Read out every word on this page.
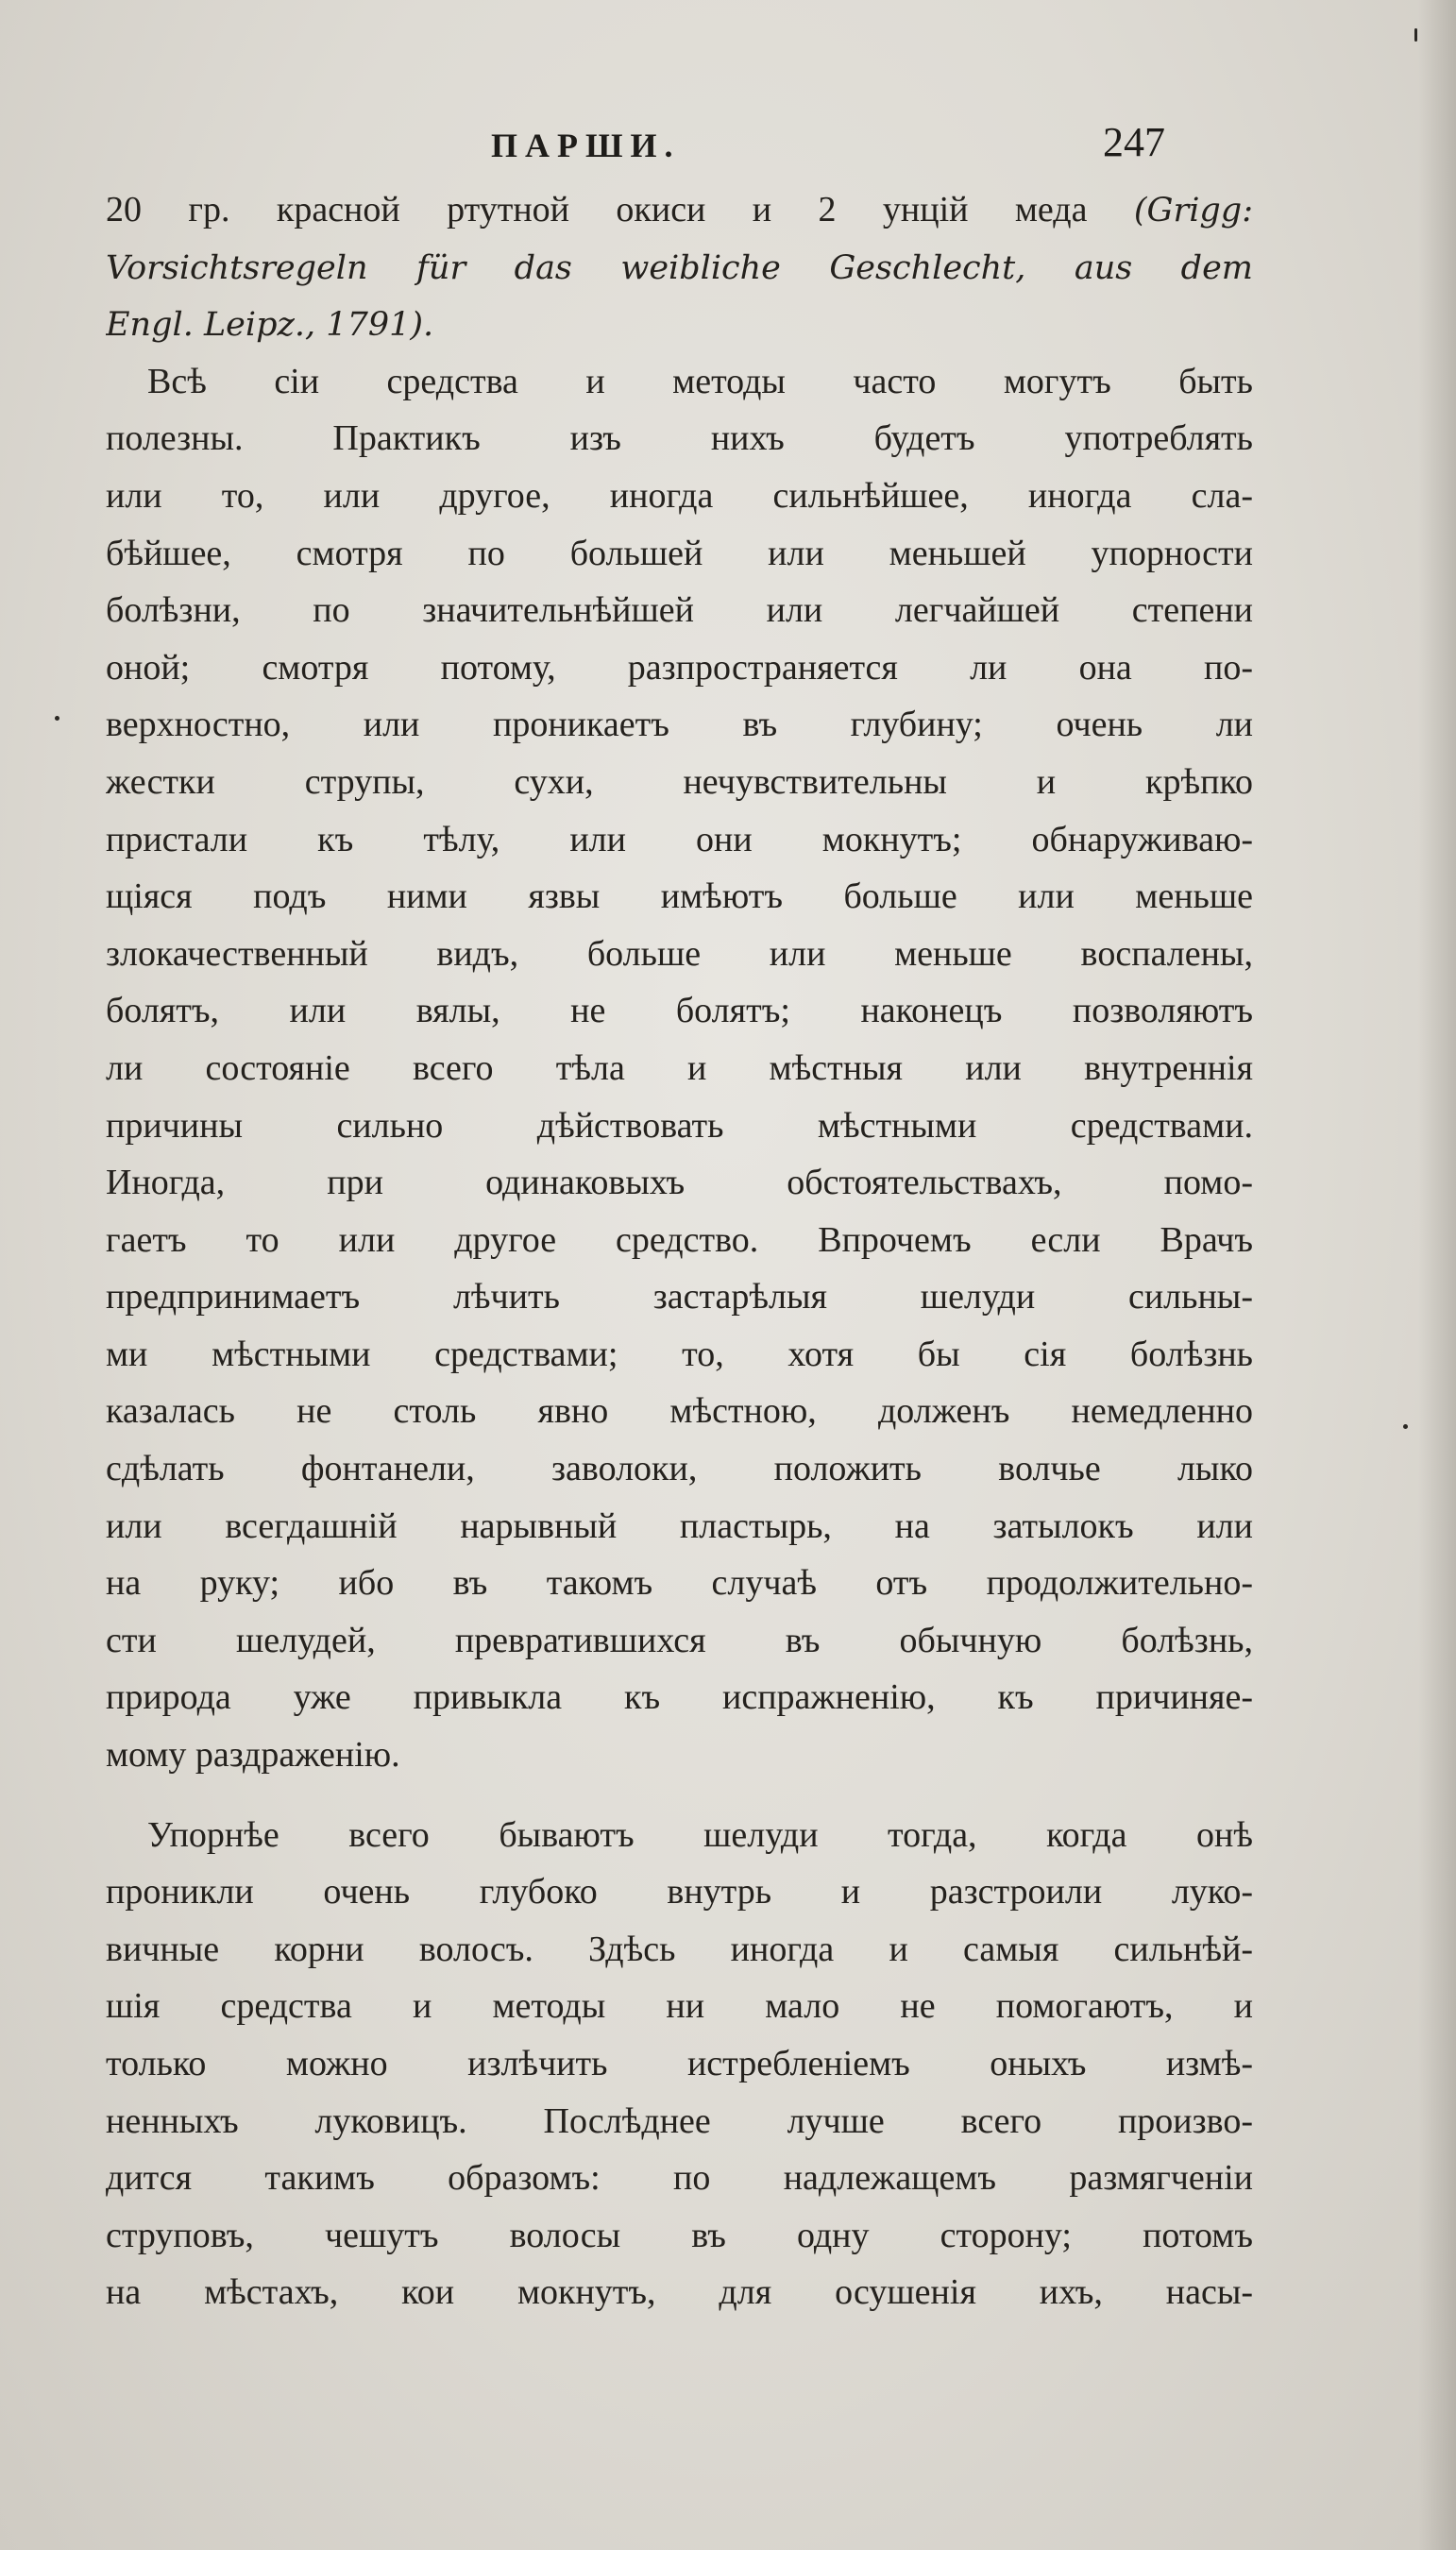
ПАРШИ.	247
20 гр. красной ртутной окиси и 2 унцій меда (Grigg:
Vorsichtsregeln für das weibliche Geschlecht, aus dem
Engl. Leipz., 1791).
Всѣ сіи средства и методы часто могутъ быть
полезны. Практикъ изъ нихъ будетъ употреблять
или то, или другое, иногда сильнѣйшее, иногда сла-
бѣйшее, смотря по большей или меньшей упорности
болѣзни, по значительнѣйшей или легчайшей степени
оной; смотря потому, разпространяется ли она по-
верхностно, или проникаетъ въ глубину; очень ли
жестки струпы, сухи, нечувствительны и крѣпко
пристали къ тѣлу, или они мокнутъ; обнаруживаю-
щіяся подъ ними язвы имѣютъ больше или меньше
злокачественный видъ, больше или меньше вoспалены,
болятъ, или вялы, не болятъ; наконецъ позволяютъ
ли состояніе всего тѣла и мѣстныя или внутреннія
причины сильно дѣйствовать мѣстными средствами.
Иногда, при одинаковыхъ обстоятельствахъ, помо-
гаетъ то или другое средство. Впрочемъ если Врачъ
предпринимаетъ лѣчить застарѣлыя шелуди сильны-
ми мѣстными средствами; то, хотя бы сія болѣзнь
казалась не столь явно мѣстною, долженъ немедленно
сдѣлать фонтанели, заволоки, положить волчье лыко
или всегдашній нарывный пластырь, на затылокъ или
на руку; ибо въ такомъ случаѣ отъ продолжительно-
сти шелудей, превратившихся въ обычную болѣзнь,
природа уже привыкла къ испражненію, къ причиняе-
мому раздраженію.
Упорнѣе всего бываютъ шелуди тогда, когда онѣ
проникли очень глубоко внутрь и разстроили луко-
вичные корни волосъ. Здѣсь иногда и самыя сильнѣй-
шія средства и методы ни мало не помогаютъ, и
только можно излѣчить истребленіемъ оныхъ измѣ-
ненныхъ луковицъ. Послѣднее лучше всего произво-
дится такимъ образомъ: по надлежащемъ размягченіи
струповъ, чешутъ волосы въ одну сторону; потомъ
на мѣстахъ, кои мокнутъ, для осушенія ихъ, насы-
